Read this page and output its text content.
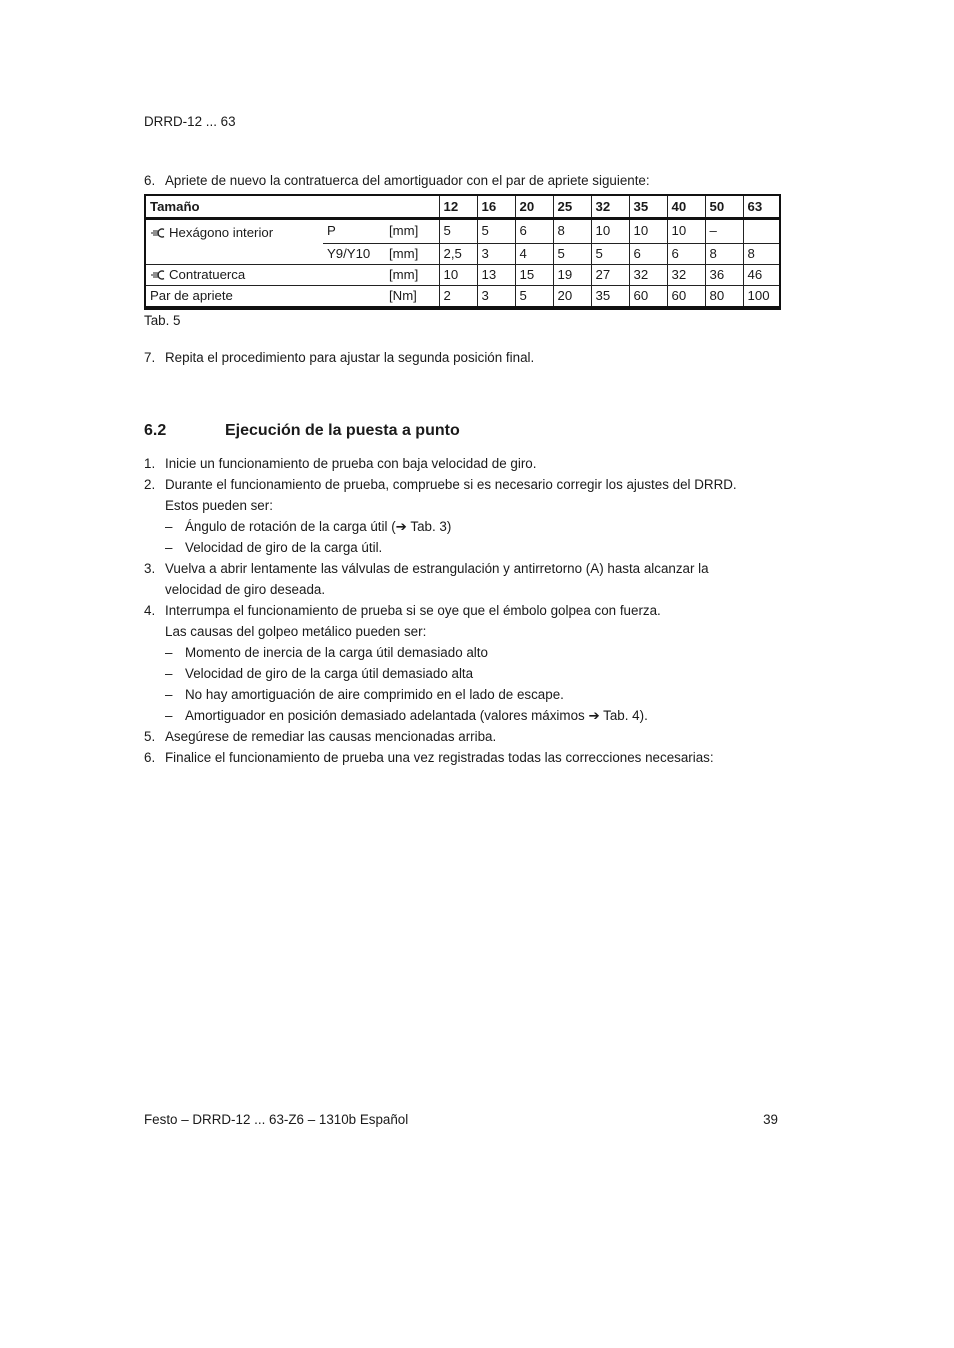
DRRD-12 ... 63
6. Apriete de nuevo la contratuerca del amortiguador con el par de apriete siguiente:
Tamaño			12	16	20	25	32	35	40	50	63
Hexágono interior	P	[mm]	5	5	6	8	10	10	10	–	
	Y9/Y10	[mm]	2,5	3	4	5	5	6	6	8	8
Contratuerca		[mm]	10	13	15	19	27	32	32	36	46
Par de apriete		[Nm]	2	3	5	20	35	60	60	80	100
Tab. 5
7. Repita el procedimiento para ajustar la segunda posición final.
6.2	Ejecución de la puesta a punto
1. Inicie un funcionamiento de prueba con baja velocidad de giro.
2. Durante el funcionamiento de prueba, compruebe si es necesario corregir los ajustes del DRRD.
Estos pueden ser:
– Ángulo de rotación de la carga útil (➔ Tab. 3)
– Velocidad de giro de la carga útil.
3. Vuelva a abrir lentamente las válvulas de estrangulación y antirretorno (A) hasta alcanzar la
velocidad de giro deseada.
4. Interrumpa el funcionamiento de prueba si se oye que el émbolo golpea con fuerza.
Las causas del golpeo metálico pueden ser:
– Momento de inercia de la carga útil demasiado alto
– Velocidad de giro de la carga útil demasiado alta
– No hay amortiguación de aire comprimido en el lado de escape.
– Amortiguador en posición demasiado adelantada (valores máximos ➔ Tab. 4).
5. Asegúrese de remediar las causas mencionadas arriba.
6. Finalice el funcionamiento de prueba una vez registradas todas las correcciones necesarias:
Festo – DRRD-12 ... 63-Z6 – 1310b Español	39
